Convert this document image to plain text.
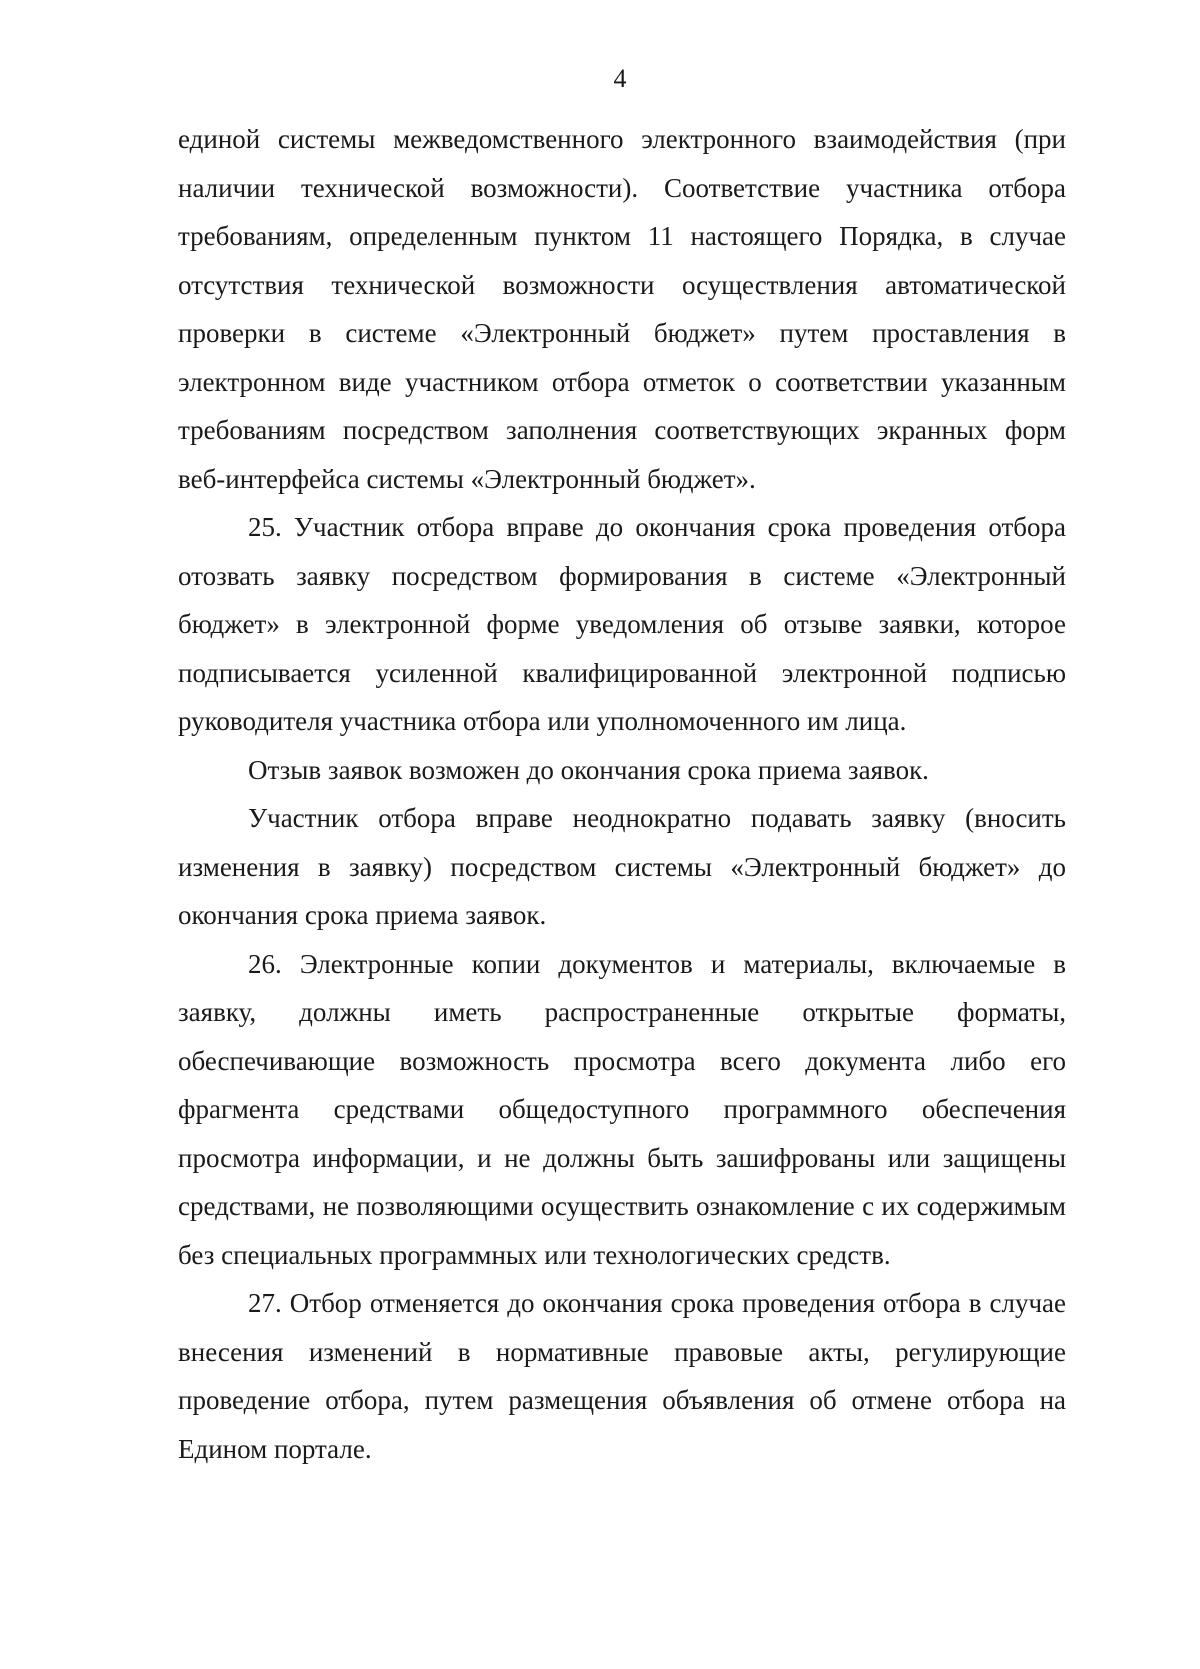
4

единой системы межведомственного электронного взаимодействия (при наличии технической возможности). Соответствие участника отбора требованиям, определенным пунктом 11 настоящего Порядка, в случае отсутствия технической возможности осуществления автоматической проверки в системе «Электронный бюджет» путем проставления в электронном виде участником отбора отметок о соответствии указанным требованиям посредством заполнения соответствующих экранных форм веб-интерфейса системы «Электронный бюджет».

25. Участник отбора вправе до окончания срока проведения отбора отозвать заявку посредством формирования в системе «Электронный бюджет» в электронной форме уведомления об отзыве заявки, которое подписывается усиленной квалифицированной электронной подписью руководителя участника отбора или уполномоченного им лица.

Отзыв заявок возможен до окончания срока приема заявок.

Участник отбора вправе неоднократно подавать заявку (вносить изменения в заявку) посредством системы «Электронный бюджет» до окончания срока приема заявок.

26. Электронные копии документов и материалы, включаемые в заявку, должны иметь распространенные открытые форматы, обеспечивающие возможность просмотра всего документа либо его фрагмента средствами общедоступного программного обеспечения просмотра информации, и не должны быть зашифрованы или защищены средствами, не позволяющими осуществить ознакомление с их содержимым без специальных программных или технологических средств.

27. Отбор отменяется до окончания срока проведения отбора в случае внесения изменений в нормативные правовые акты, регулирующие проведение отбора, путем размещения объявления об отмене отбора на Едином портале.
